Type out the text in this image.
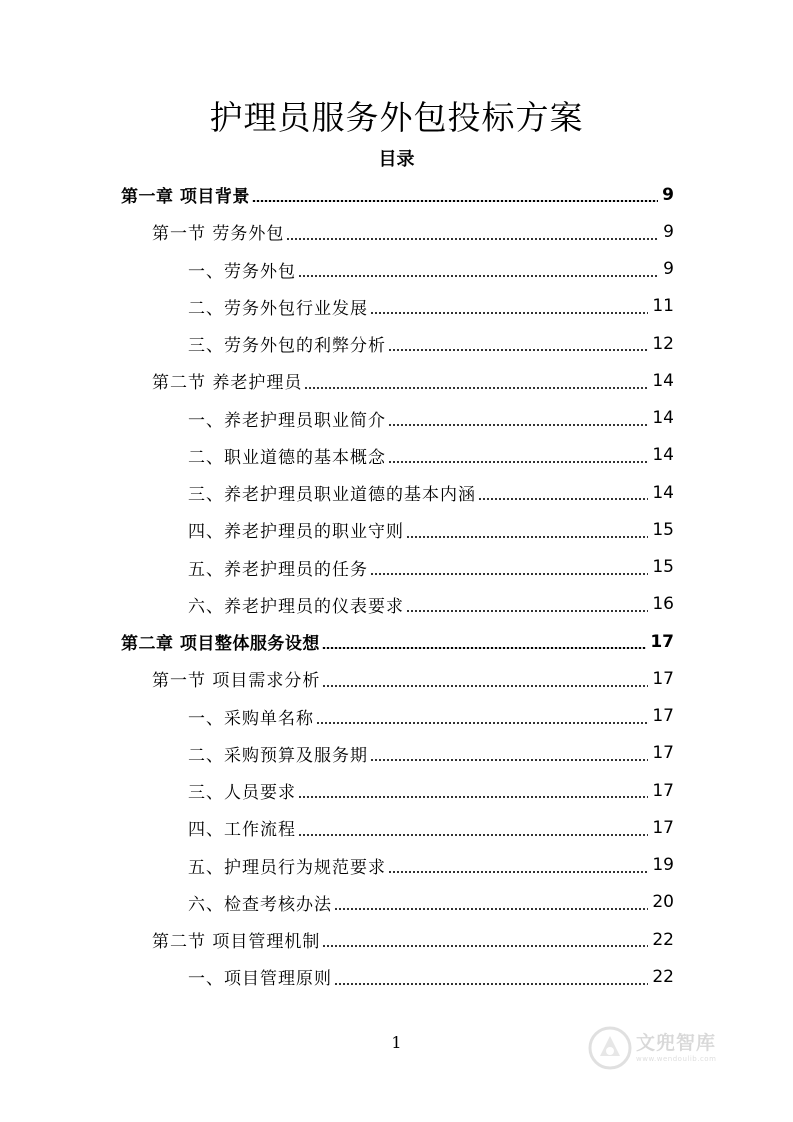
护理员服务外包投标方案
目录
第一章 项目背景	9
第一节 劳务外包	9
一、劳务外包	9
二、劳务外包行业发展	11
三、劳务外包的利弊分析	12
第二节 养老护理员	14
一、养老护理员职业简介	14
二、职业道德的基本概念	14
三、养老护理员职业道德的基本内涵	14
四、养老护理员的职业守则	15
五、养老护理员的任务	15
六、养老护理员的仪表要求	16
第二章 项目整体服务设想	17
第一节 项目需求分析	17
一、采购单名称	17
二、采购预算及服务期	17
三、人员要求	17
四、工作流程	17
五、护理员行为规范要求	19
六、检查考核办法	20
第二节 项目管理机制	22
一、项目管理原则	22
1	文兜智库
www.wendoulib.com
